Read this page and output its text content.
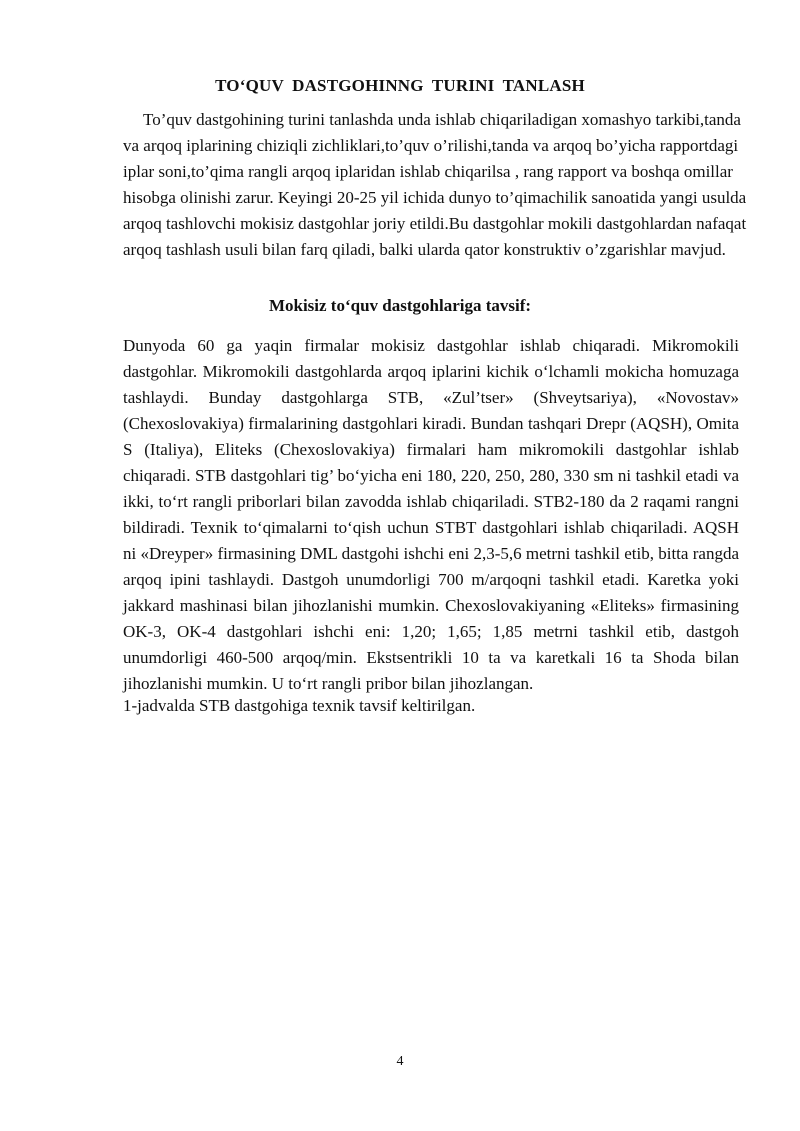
TO‘QUV DASTGOHINNG TURINI TANLASH

To’quv dastgohining turini tanlashda unda ishlab chiqariladigan xomashyo tarkibi,tanda va arqoq iplarining chiziqli zichliklari,to’quv o’rilishi,tanda va arqoq bo’yicha rapportdagi iplar soni,to’qima rangli arqoq iplaridan ishlab chiqarilsa , rang rapport va boshqa omillar hisobga olinishi zarur. Keyingi 20-25 yil ichida dunyo to’qimachilik sanoatida yangi usulda arqoq tashlovchi mokisiz dastgohlar joriy etildi.Bu dastgohlar mokili dastgohlardan nafaqat arqoq tashlash usuli bilan farq qiladi, balki ularda qator konstruktiv o’zgarishlar mavjud.

Mokisiz to‘quv dastgohlariga tavsif:

Dunyoda 60 ga yaqin firmalar mokisiz dastgohlar ishlab chiqaradi. Mikromokili dastgohlar. Mikromokili dastgohlarda arqoq iplarini kichik o‘lchamli mokicha homuzaga tashlaydi. Bunday dastgohlarga STB, «Zul’tser» (Shveytsariya), «Novostav» (Chexoslovakiya) firmalarining dastgohlari kiradi. Bundan tashqari Drepr (AQSH), Omita S (Italiya), Eliteks (Chexoslovakiya) firmalari ham mikromokili dastgohlar ishlab chiqaradi. STB dastgohlari tig’ bo‘yicha eni 180, 220, 250, 280, 330 sm ni tashkil etadi va ikki, to‘rt rangli priborlari bilan zavodda ishlab chiqariladi. STB2-180 da 2 raqami rangni bildiradi. Texnik to‘qimalarni to‘qish uchun STBT dastgohlari ishlab chiqariladi. AQSH ni «Dreyper» firmasining DML dastgohi ishchi eni 2,3-5,6 metrni tashkil etib, bitta rangda arqoq ipini tashlaydi. Dastgoh unumdorligi 700 m/arqoqni tashkil etadi. Karetka yoki jakkard mashinasi bilan jihozlanishi mumkin. Chexoslovakiyaning «Eliteks» firmasining OK-3, OK-4 dastgohlari ishchi eni: 1,20; 1,65; 1,85 metrni tashkil etib, dastgoh unumdorligi 460-500 arqoq/min. Ekstsentrikli 10 ta va karetkali 16 ta Shoda bilan jihozlanishi mumkin. U to‘rt rangli pribor bilan jihozlangan.

1-jadvalda STB dastgohiga texnik tavsif keltirilgan.

4
